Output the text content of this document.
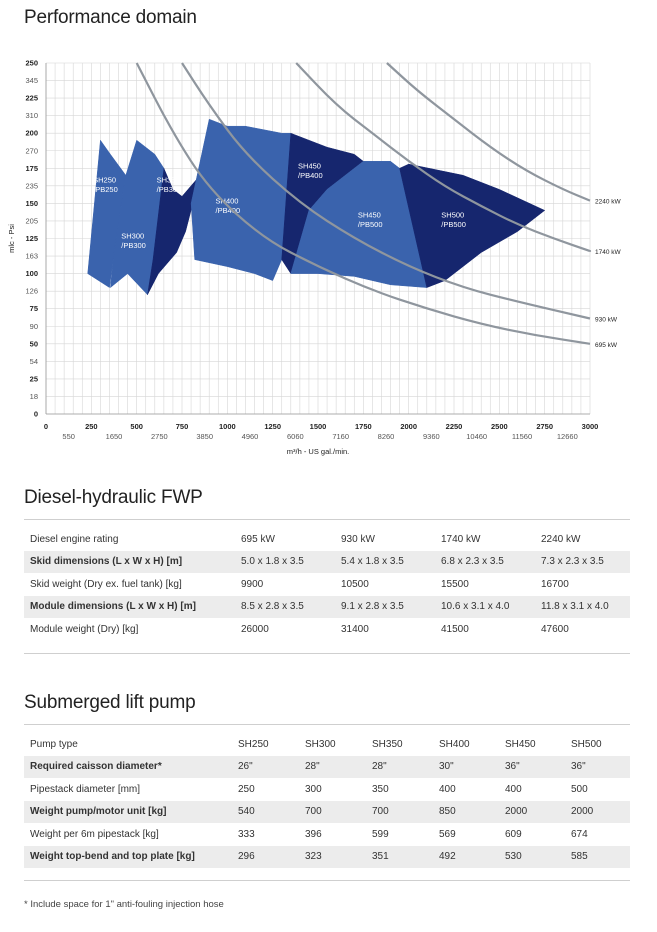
Performance domain
SH250
/PB250
SH300
/PB300
SH350
/PB300
SH400
/PB400
SH450
/PB400
SH450
/PB500
SH500
/PB500
695 kW
930 kW
1740 kW
2240 kW
250
345
225
310
200
270
175
235
150
205
125
163
100
126
75
90
50
54
25
18
0
0	250	500	750	1000	1250	1500	1750	2000	2250	2500	2750	3000
550	1650	2750	3850	4960	6060	7160	8260	9360	10460	11560	12660
m³/h - US gal./min.
mlc - Psi
Diesel-hydraulic FWP
Diesel engine rating	695 kW	930 kW	1740 kW	2240 kW
Skid dimensions (L x W x H) [m]	5.0 x 1.8 x 3.5	5.4 x 1.8 x 3.5	6.8 x 2.3 x 3.5	7.3 x 2.3 x 3.5
Skid weight (Dry ex. fuel tank) [kg]	9900	10500	15500	16700
Module dimensions (L x W x H) [m]	8.5 x 2.8 x 3.5	9.1 x 2.8 x 3.5	10.6 x 3.1 x 4.0	11.8 x 3.1 x 4.0
Module weight (Dry) [kg]	26000	31400	41500	47600
Submerged lift pump
Pump type	SH250	SH300	SH350	SH400	SH450	SH500
Required caisson diameter*	26"	28"	28"	30"	36"	36"
Pipestack diameter [mm]	250	300	350	400	400	500
Weight pump/motor unit [kg]	540	700	700	850	2000	2000
Weight per 6m pipestack [kg]	333	396	599	569	609	674
Weight top-bend and top plate [kg]	296	323	351	492	530	585
* Include space for 1" anti-fouling injection hose
